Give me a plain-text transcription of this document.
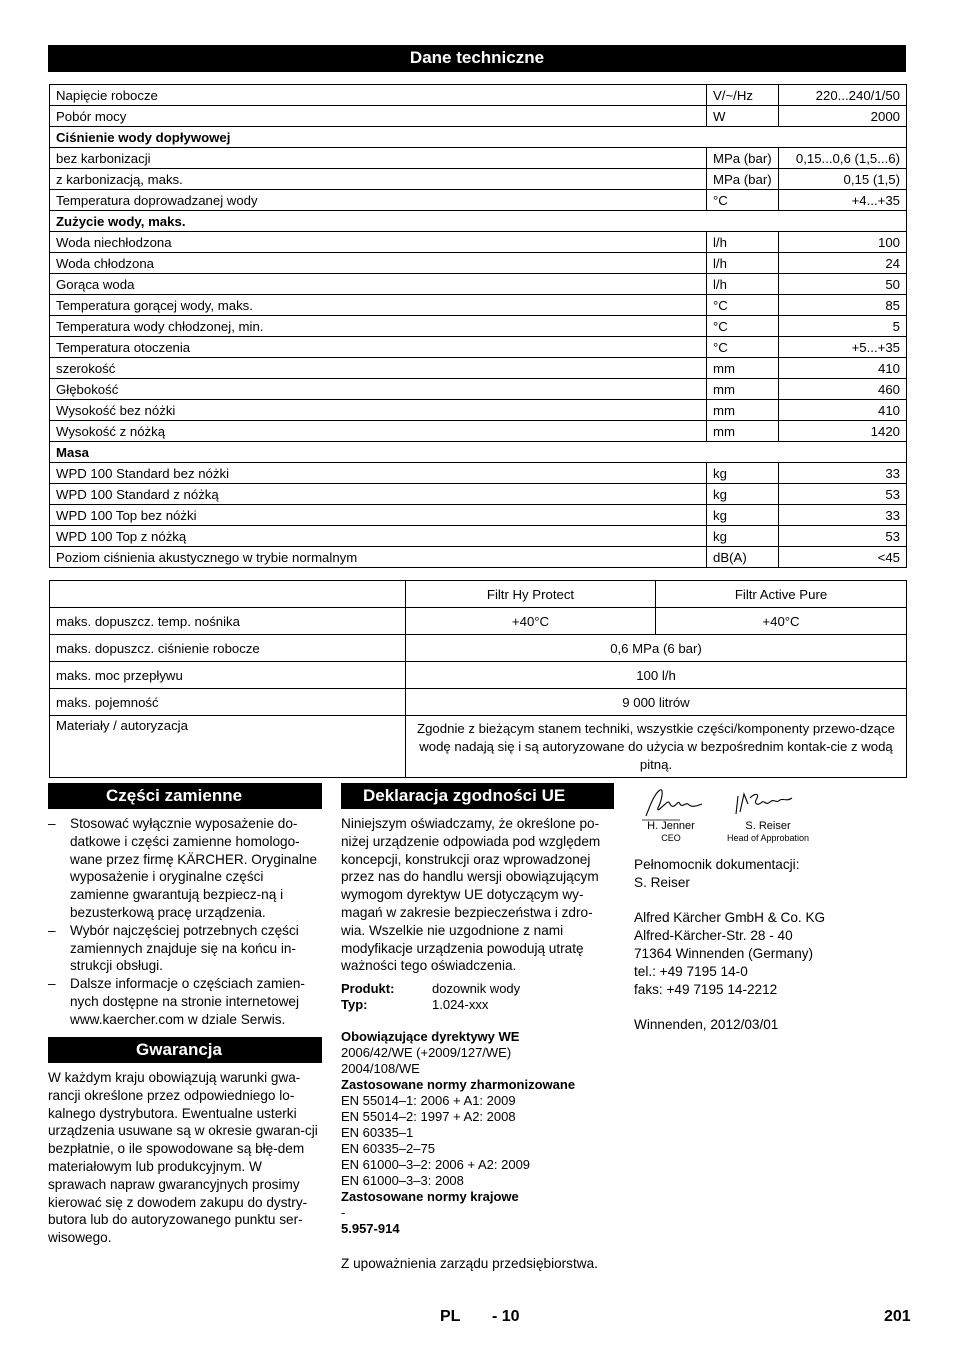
Dane techniczne
Napięcie robocze	V/~/Hz	220...240/1/50
Pobór mocy	W	2000
Ciśnienie wody dopływowej		
bez karbonizacji	MPa (bar)	0,15...0,6 (1,5...6)
z karbonizacją, maks.	MPa (bar)	0,15 (1,5)
Temperatura doprowadzanej wody	°C	+4...+35
Zużycie wody, maks.		
Woda niechłodzona	l/h	100
Woda chłodzona	l/h	24
Gorąca woda	l/h	50
Temperatura gorącej wody, maks.	°C	85
Temperatura wody chłodzonej, min.	°C	5
Temperatura otoczenia	°C	+5...+35
szerokość	mm	410
Głębokość	mm	460
Wysokość bez nóżki	mm	410
Wysokość z nóżką	mm	1420
Masa		
WPD 100 Standard bez nóżki	kg	33
WPD 100 Standard z nóżką	kg	53
WPD 100 Top bez nóżki	kg	33
WPD 100 Top z nóżką	kg	53
Poziom ciśnienia akustycznego w trybie normalnym	dB(A)	<45
	Filtr Hy Protect	Filtr Active Pure
maks. dopuszcz. temp. nośnika	+40°C	+40°C
maks. dopuszcz. ciśnienie robocze	0,6 MPa (6 bar)	
maks. moc przepływu	100 l/h	
maks. pojemność	9 000 litrów	
Materiały / autoryzacja	Zgodnie z bieżącym stanem techniki, wszystkie części/komponenty przewo-dzące wodę nadają się i są autoryzowane do użycia w bezpośrednim kontak-cie z wodą pitną.	
Części zamienne

– Stosować wyłącznie wyposażenie do-datkowe i części zamienne homologo-wane przez firmę KÄRCHER. Oryginalne wyposażenie i oryginalne części zamienne gwarantują bezpiecz-ną i bezusterkową pracę urządzenia.

– Wybór najczęściej potrzebnych części zamiennych znajduje się na końcu in-strukcji obsługi.

– Dalsze informacje o częściach zamien-nych dostępne na stronie internetowej www.kaercher.com w dziale Serwis.

Gwarancja

W każdym kraju obowiązują warunki gwa-rancji określone przez odpowiedniego lo-kalnego dystrybutora. Ewentualne usterki urządzenia usuwane są w okresie gwaran-cji bezpłatnie, o ile spowodowane są błę-dem materiałowym lub produkcyjnym. W sprawach napraw gwarancyjnych prosimy kierować się z dowodem zakupu do dystry-butora lub do autoryzowanego punktu ser-wisowego.

Deklaracja zgodności UE

Niniejszym oświadczamy, że określone po-niżej urządzenie odpowiada pod względem koncepcji, konstrukcji oraz wprowadzonej przez nas do handlu wersji obowiązującym wymogom dyrektyw UE dotyczącym wy-magań w zakresie bezpieczeństwa i zdro-wia. Wszelkie nie uzgodnione z nami modyfikacje urządzenia powodują utratę ważności tego oświadczenia.

Produkt:	dozownik wody
Typ:	1.024-xxx
Obowiązujące dyrektywy WE
2006/42/WE (+2009/127/WE)
2004/108/WE
Zastosowane normy zharmonizowane
EN 55014–1: 2006 + A1: 2009
EN 55014–2: 1997 + A2: 2008
EN 60335–1
EN 60335–2–75
EN 61000–3–2: 2006 + A2: 2009
EN 61000–3–3: 2008
Zastosowane normy krajowe
-
5.957-914
Z upoważnienia zarządu przedsiębiorstwa.
H. Jenner
CEO
S. Reiser
Head of Approbation
Pełnomocnik dokumentacji:
S. Reiser
Alfred Kärcher GmbH & Co. KG
Alfred-Kärcher-Str. 28 - 40
71364 Winnenden (Germany)
tel.: +49 7195 14-0
faks: +49 7195 14-2212
Winnenden, 2012/03/01
PL - 10	201
